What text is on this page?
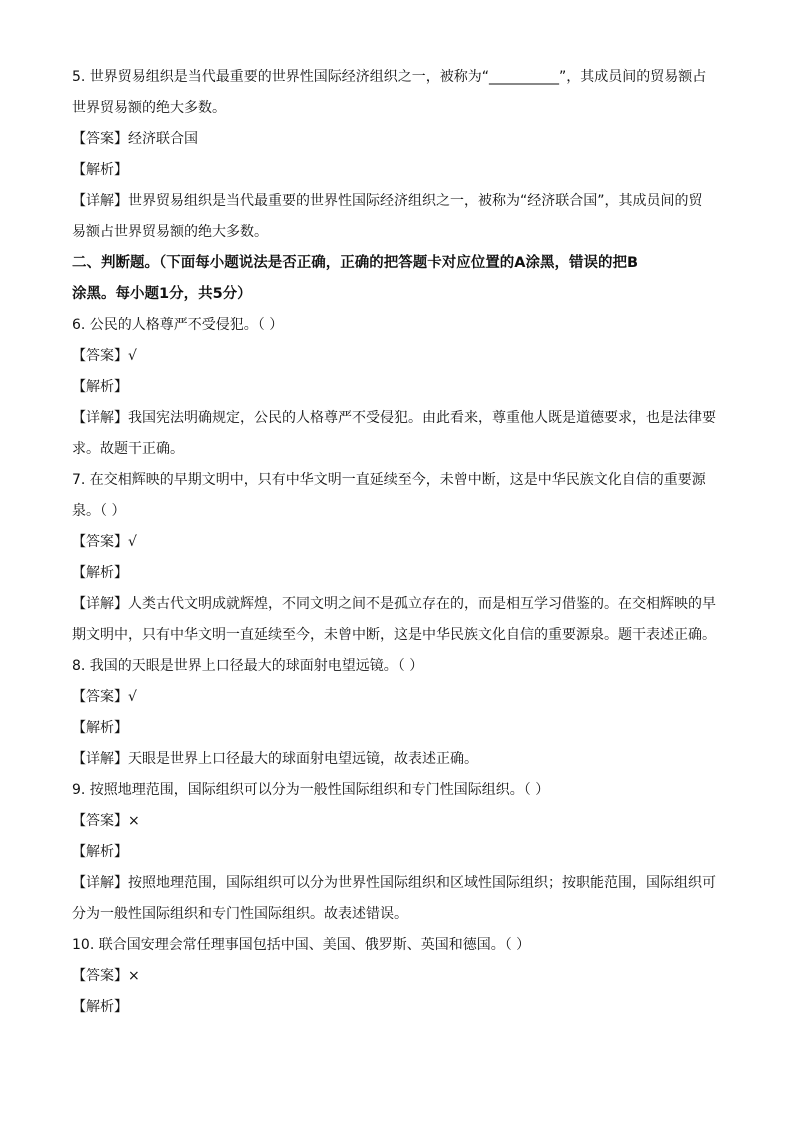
5. 世界贸易组织是当代最重要的世界性国际经济组织之一，被称为“__________”，其成员间的贸易额占
世界贸易额的绝大多数。
【答案】经济联合国
【解析】
【详解】世界贸易组织是当代最重要的世界性国际经济组织之一，被称为“经济联合国”，其成员间的贸
易额占世界贸易额的绝大多数。
二、判断题。（下面每小题说法是否正确，正确的把答题卡对应位置的A涂黑，错误的把B
涂黑。每小题1分，共5分）
6. 公民的人格尊严不受侵犯。（ ）
【答案】√
【解析】
【详解】我国宪法明确规定，公民的人格尊严不受侵犯。由此看来，尊重他人既是道德要求，也是法律要
求。故题干正确。
7. 在交相辉映的早期文明中，只有中华文明一直延续至今，未曾中断，这是中华民族文化自信的重要源
泉。（ ）
【答案】√
【解析】
【详解】人类古代文明成就辉煌，不同文明之间不是孤立存在的，而是相互学习借鉴的。在交相辉映的早
期文明中，只有中华文明一直延续至今，未曾中断，这是中华民族文化自信的重要源泉。题干表述正确。
8. 我国的天眼是世界上口径最大的球面射电望远镜。（ ）
【答案】√
【解析】
【详解】天眼是世界上口径最大的球面射电望远镜，故表述正确。
9. 按照地理范围，国际组织可以分为一般性国际组织和专门性国际组织。（ ）
【答案】×
【解析】
【详解】按照地理范围，国际组织可以分为世界性国际组织和区域性国际组织；按职能范围，国际组织可
分为一般性国际组织和专门性国际组织。故表述错误。
10. 联合国安理会常任理事国包括中国、美国、俄罗斯、英国和德国。（ ）
【答案】×
【解析】
